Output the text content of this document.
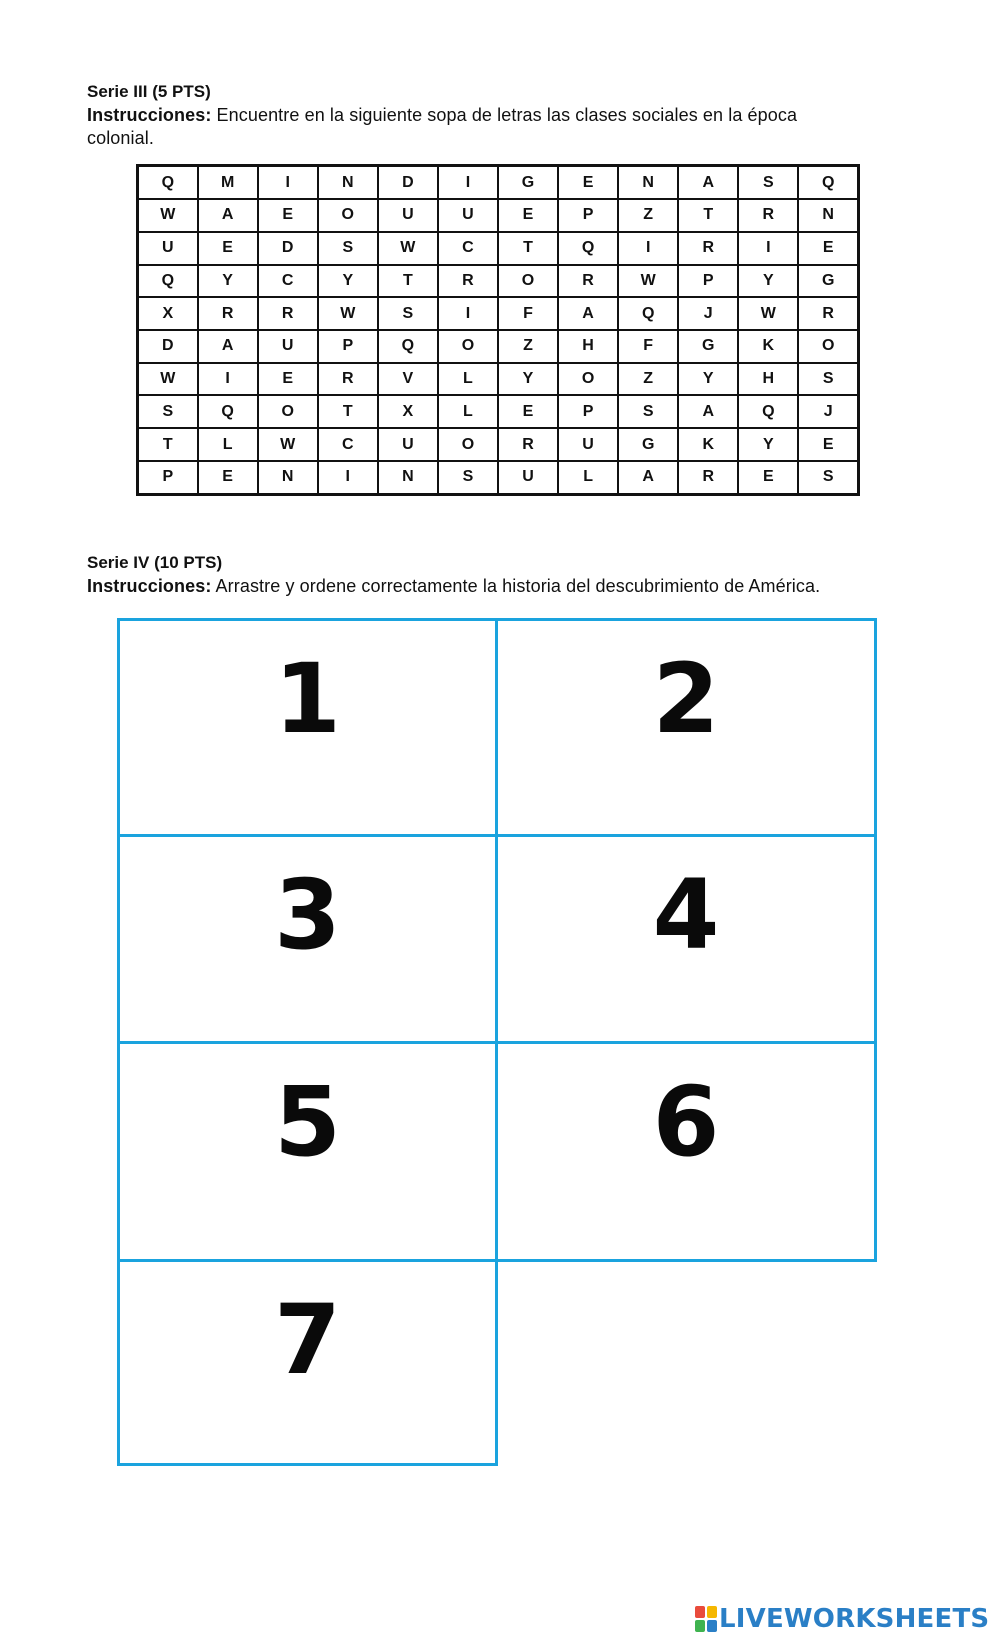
Serie III (5 PTS)

Instrucciones: Encuentre en la siguiente sopa de letras las clases sociales en la época colonial.

Q	M	I	N	D	I	G	E	N	A	S	Q
W	A	E	O	U	U	E	P	Z	T	R	N
U	E	D	S	W	C	T	Q	I	R	I	E
Q	Y	C	Y	T	R	O	R	W	P	Y	G
X	R	R	W	S	I	F	A	Q	J	W	R
D	A	U	P	Q	O	Z	H	F	G	K	O
W	I	E	R	V	L	Y	O	Z	Y	H	S
S	Q	O	T	X	L	E	P	S	A	Q	J
T	L	W	C	U	O	R	U	G	K	Y	E
P	E	N	I	N	S	U	L	A	R	E	S
Serie IV (10 PTS)

Instrucciones: Arrastre y ordene correctamente la historia del descubrimiento de América.

1	2
3	4
5	6
7
LIVEWORKSHEETS
